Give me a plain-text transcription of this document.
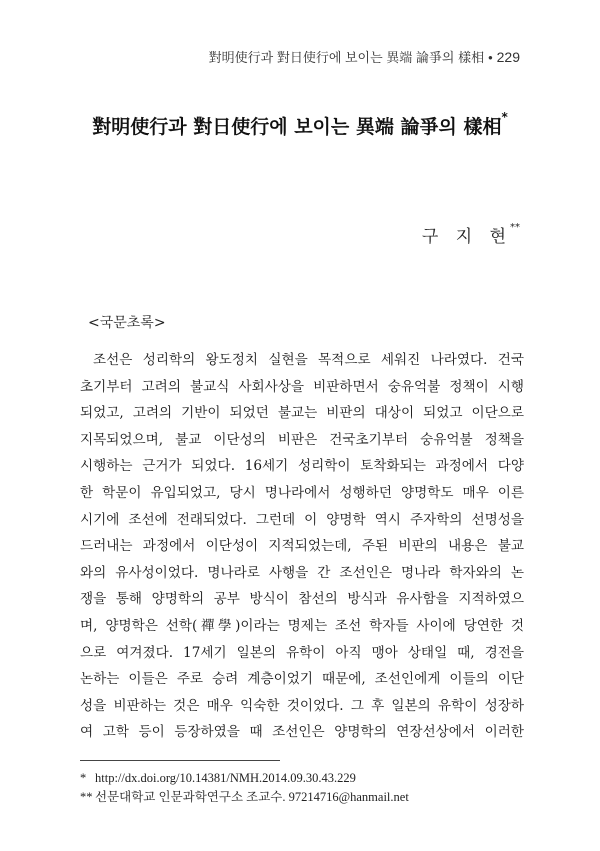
對明使行과 對日使行에 보이는 異端 論爭의 樣相 • 229
對明使行과 對日使行에 보이는 異端 論爭의 樣相*
구 지 현**
<국문초록>
조선은 성리학의 왕도정치 실현을 목적으로 세워진 나라였다. 건국
초기부터 고려의 불교식 사회사상을 비판하면서 숭유억불 정책이 시행
되었고, 고려의 기반이 되었던 불교는 비판의 대상이 되었고 이단으로
지목되었으며, 불교 이단성의 비판은 건국초기부터 숭유억불 정책을
시행하는 근거가 되었다. 16세기 성리학이 토착화되는 과정에서 다양
한 학문이 유입되었고, 당시 명나라에서 성행하던 양명학도 매우 이른
시기에 조선에 전래되었다. 그런데 이 양명학 역시 주자학의 선명성을
드러내는 과정에서 이단성이 지적되었는데, 주된 비판의 내용은 불교
와의 유사성이었다. 명나라로 사행을 간 조선인은 명나라 학자와의 논
쟁을 통해 양명학의 공부 방식이 참선의 방식과 유사함을 지적하였으
며, 양명학은 선학(禪學)이라는 명제는 조선 학자들 사이에 당연한 것
으로 여겨졌다. 17세기 일본의 유학이 아직 맹아 상태일 때, 경전을
논하는 이들은 주로 승려 계층이었기 때문에, 조선인에게 이들의 이단
성을 비판하는 것은 매우 익숙한 것이었다. 그 후 일본의 유학이 성장하
여 고학 등이 등장하였을 때 조선인은 양명학의 연장선상에서 이러한
* http://dx.doi.org/10.14381/NMH.2014.09.30.43.229
** 선문대학교 인문과학연구소 조교수. 97214716@hanmail.net
